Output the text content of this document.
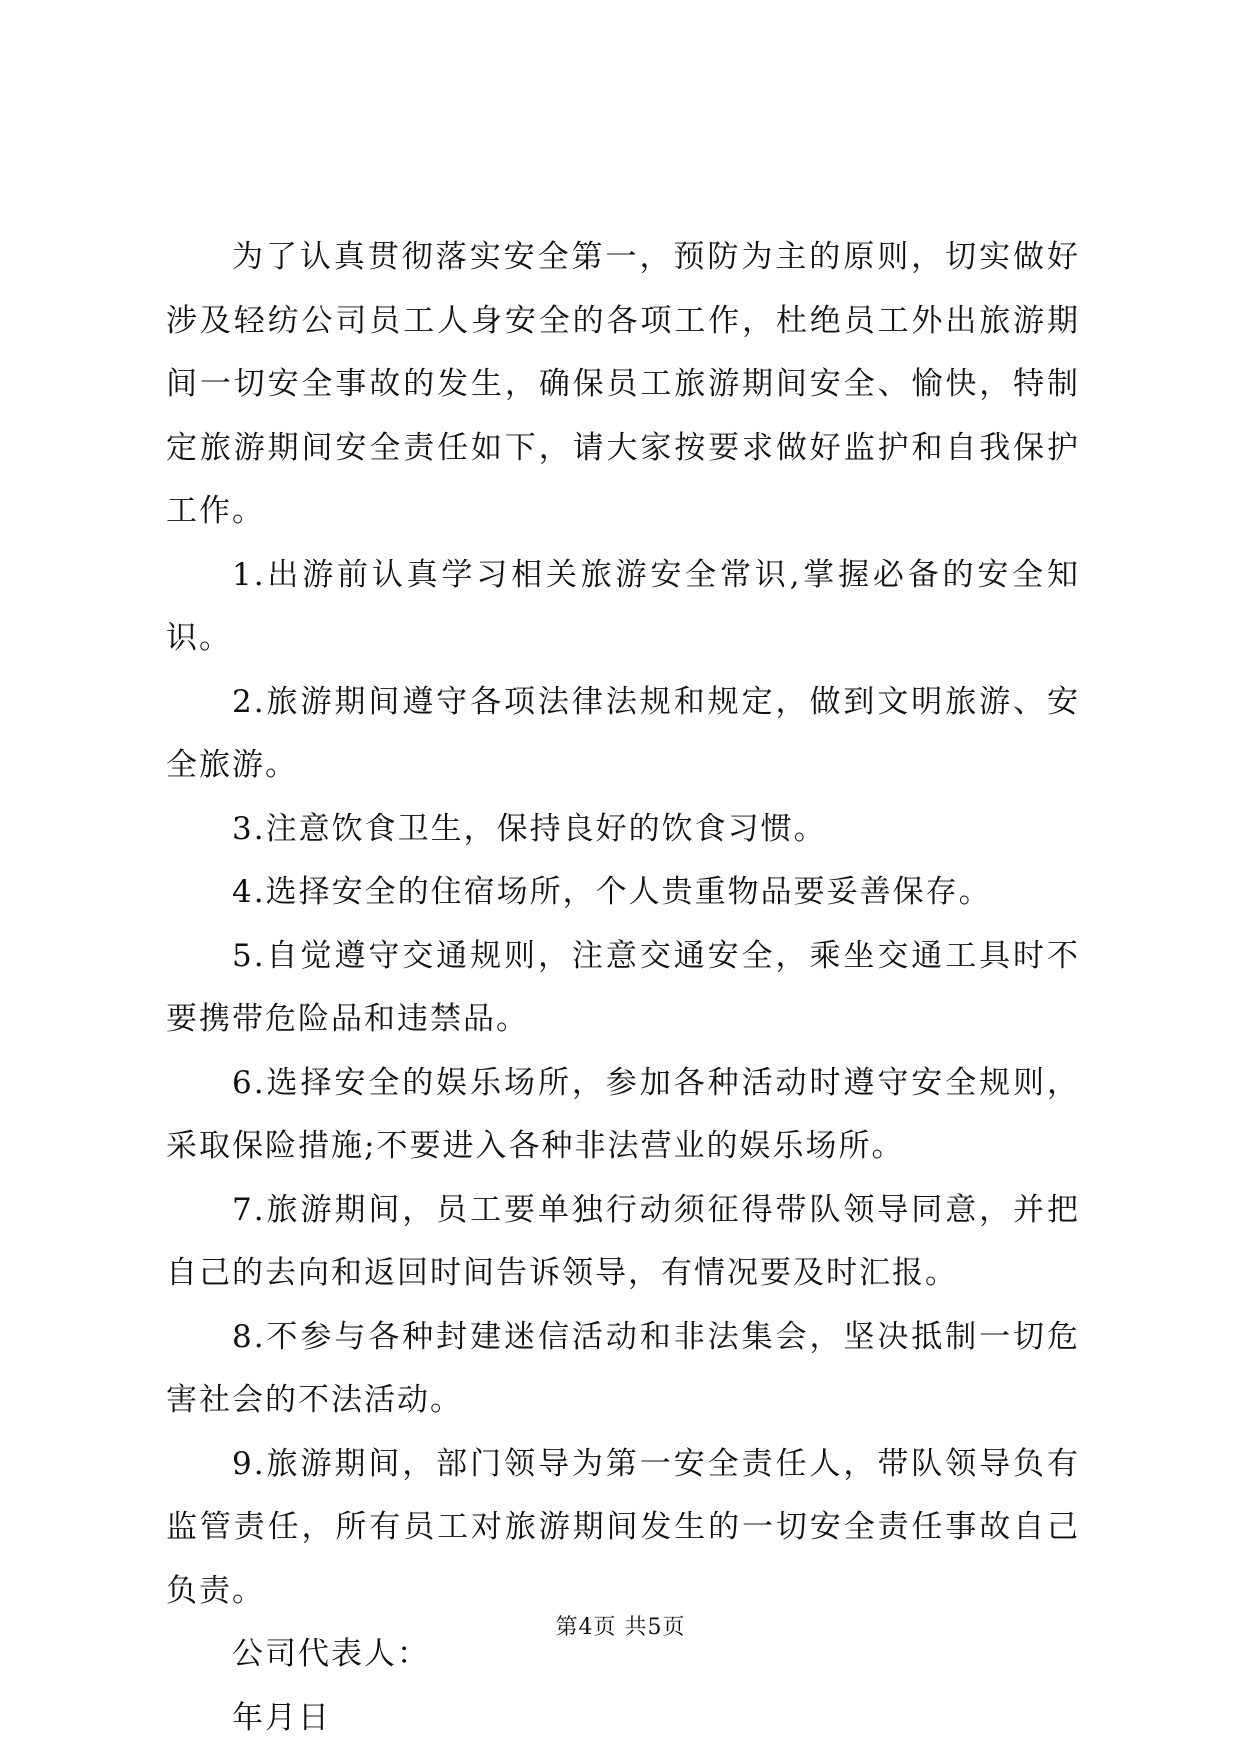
为了认真贯彻落实安全第一，预防为主的原则，切实做好涉及轻纺公司员工人身安全的各项工作，杜绝员工外出旅游期间一切安全事故的发生，确保员工旅游期间安全、愉快，特制定旅游期间安全责任如下，请大家按要求做好监护和自我保护工作。

1.出游前认真学习相关旅游安全常识,掌握必备的安全知识。

2.旅游期间遵守各项法律法规和规定，做到文明旅游、安全旅游。

3.注意饮食卫生，保持良好的饮食习惯。

4.选择安全的住宿场所，个人贵重物品要妥善保存。

5.自觉遵守交通规则，注意交通安全，乘坐交通工具时不要携带危险品和违禁品。

6.选择安全的娱乐场所，参加各种活动时遵守安全规则，采取保险措施;不要进入各种非法营业的娱乐场所。

7.旅游期间，员工要单独行动须征得带队领导同意，并把自己的去向和返回时间告诉领导，有情况要及时汇报。

8.不参与各种封建迷信活动和非法集会，坚决抵制一切危害社会的不法活动。

9.旅游期间，部门领导为第一安全责任人，带队领导负有监管责任，所有员工对旅游期间发生的一切安全责任事故自己负责。

公司代表人：

年月日

第4页 共5页
